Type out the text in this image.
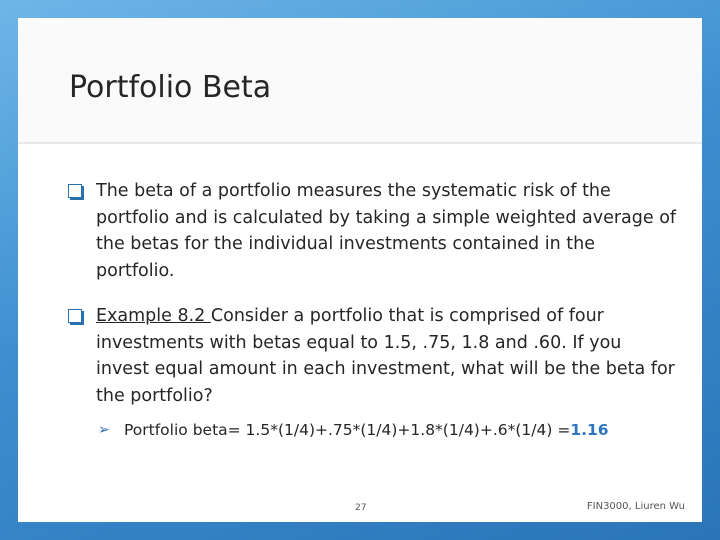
Portfolio Beta
The beta of a portfolio measures the systematic risk of the portfolio and is calculated by taking a simple weighted average of the betas for the individual investments contained in the portfolio.
Example 8.2 Consider a portfolio that is comprised of four investments with betas equal to 1.5, .75, 1.8 and .60. If you invest equal amount in each investment, what will be the beta for the portfolio?
➢ Portfolio beta= 1.5*(1/4)+.75*(1/4)+1.8*(1/4)+.6*(1/4) =1.16
27	FIN3000, Liuren Wu
